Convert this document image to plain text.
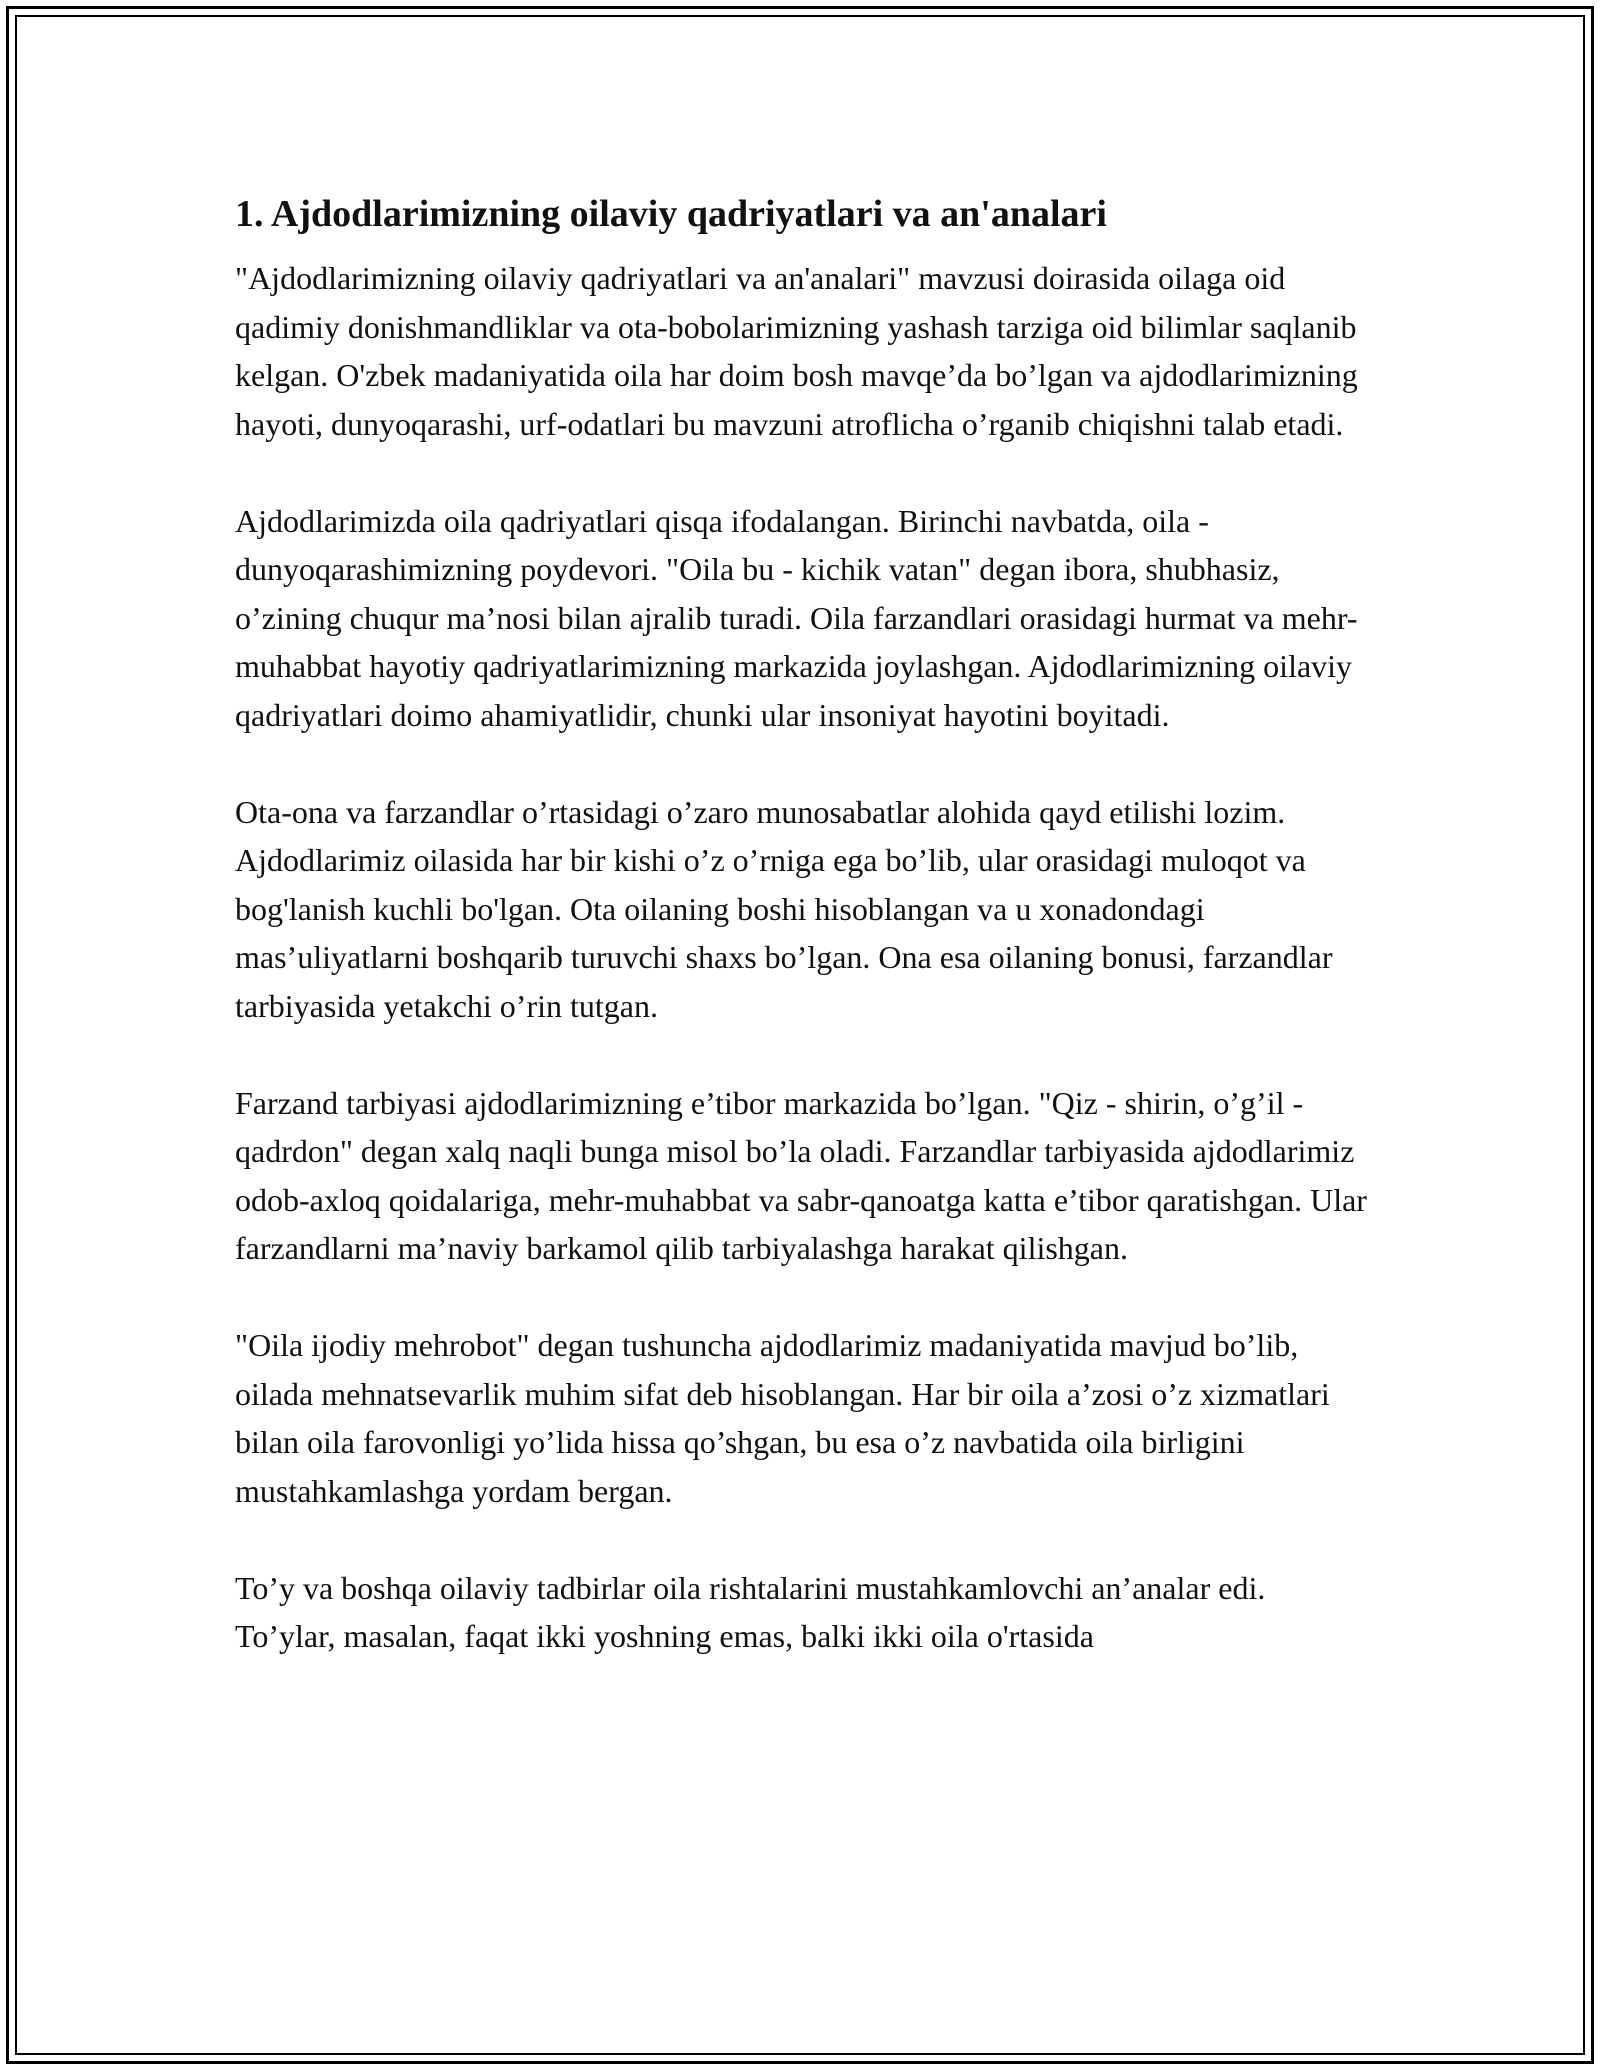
1. Ajdodlarimizning oilaviy qadriyatlari va an'analari

"Ajdodlarimizning oilaviy qadriyatlari va an'analari" mavzusi doirasida oilaga oid qadimiy donishmandliklar va ota-bobolarimizning yashash tarziga oid bilimlar saqlanib kelgan. O'zbek madaniyatida oila har doim bosh mavqe’da bo’lgan va ajdodlarimizning hayoti, dunyoqarashi, urf-odatlari bu mavzuni atroflicha o’rganib chiqishni talab etadi.

Ajdodlarimizda oila qadriyatlari qisqa ifodalangan. Birinchi navbatda, oila - dunyoqarashimizning poydevori. "Oila bu - kichik vatan" degan ibora, shubhasiz, o’zining chuqur ma’nosi bilan ajralib turadi. Oila farzandlari orasidagi hurmat va mehr-muhabbat hayotiy qadriyatlarimizning markazida joylashgan. Ajdodlarimizning oilaviy qadriyatlari doimo ahamiyatlidir, chunki ular insoniyat hayotini boyitadi.

Ota-ona va farzandlar o’rtasidagi o’zaro munosabatlar alohida qayd etilishi lozim. Ajdodlarimiz oilasida har bir kishi o’z o’rniga ega bo’lib, ular orasidagi muloqot va bog'lanish kuchli bo'lgan. Ota oilaning boshi hisoblangan va u xonadondagi mas’uliyatlarni boshqarib turuvchi shaxs bo’lgan. Ona esa oilaning bonusi, farzandlar tarbiyasida yetakchi o’rin tutgan.

Farzand tarbiyasi ajdodlarimizning e’tibor markazida bo’lgan. "Qiz - shirin, o’g’il - qadrdon" degan xalq naqli bunga misol bo’la oladi. Farzandlar tarbiyasida ajdodlarimiz odob-axloq qoidalariga, mehr-muhabbat va sabr-qanoatga katta e’tibor qaratishgan. Ular farzandlarni ma’naviy barkamol qilib tarbiyalashga harakat qilishgan.

"Oila ijodiy mehrobot" degan tushuncha ajdodlarimiz madaniyatida mavjud bo’lib, oilada mehnatsevarlik muhim sifat deb hisoblangan. Har bir oila a’zosi o’z xizmatlari bilan oila farovonligi yo’lida hissa qo’shgan, bu esa o’z navbatida oila birligini mustahkamlashga yordam bergan.

To’y va boshqa oilaviy tadbirlar oila rishtalarini mustahkamlovchi an’analar edi. To’ylar, masalan, faqat ikki yoshning emas, balki ikki oila o'rtasida
